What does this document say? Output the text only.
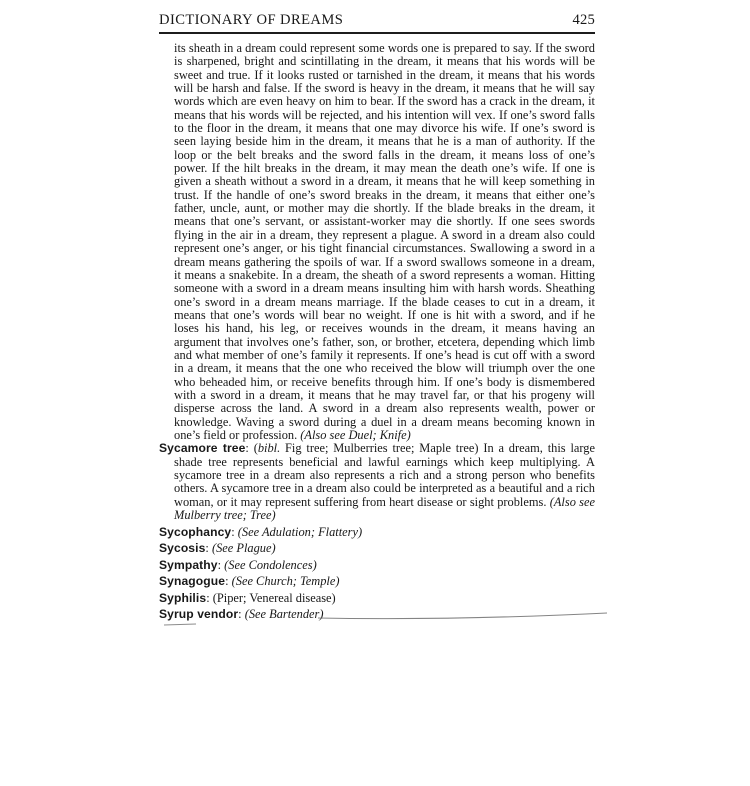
DICTIONARY OF DREAMS	425

its sheath in a dream could represent some words one is prepared to say. If the sword is sharpened, bright and scintillating in the dream, it means that his words will be sweet and true. If it looks rusted or tarnished in the dream, it means that his words will be harsh and false. If the sword is heavy in the dream, it means that he will say words which are even heavy on him to bear. If the sword has a crack in the dream, it means that his words will be rejected, and his intention will vex. If one’s sword falls to the floor in the dream, it means that one may divorce his wife. If one’s sword is seen laying beside him in the dream, it means that he is a man of authority. If the loop or the belt breaks and the sword falls in the dream, it means loss of one’s power. If the hilt breaks in the dream, it may mean the death one’s wife. If one is given a sheath without a sword in a dream, it means that he will keep something in trust. If the handle of one’s sword breaks in the dream, it means that either one’s father, uncle, aunt, or mother may die shortly. If the blade breaks in the dream, it means that one’s servant, or assistant-worker may die shortly. If one sees swords flying in the air in a dream, they represent a plague. A sword in a dream also could represent one’s anger, or his tight financial circumstances. Swallowing a sword in a dream means gathering the spoils of war. If a sword swallows someone in a dream, it means a snakebite. In a dream, the sheath of a sword represents a woman. Hitting someone with a sword in a dream means insulting him with harsh words. Sheathing one’s sword in a dream means marriage. If the blade ceases to cut in a dream, it means that one’s words will bear no weight. If one is hit with a sword, and if he loses his hand, his leg, or receives wounds in the dream, it means having an argument that involves one’s father, son, or brother, etcetera, depending which limb and what member of one’s family it represents. If one’s head is cut off with a sword in a dream, it means that the one who received the blow will triumph over the one who beheaded him, or receive benefits through him. If one’s body is dismembered with a sword in a dream, it means that he may travel far, or that his progeny will disperse across the land. A sword in a dream also represents wealth, power or knowledge. Waving a sword during a duel in a dream means becoming known in one’s field or profession. (Also see Duel; Knife)

Sycamore tree: (bibl. Fig tree; Mulberries tree; Maple tree) In a dream, this large shade tree represents beneficial and lawful earnings which keep multiplying. A sycamore tree in a dream also represents a rich and a strong person who benefits others. A sycamore tree in a dream also could be interpreted as a beautiful and a rich woman, or it may represent suffering from heart disease or sight problems. (Also see Mulberry tree; Tree)

Sycophancy: (See Adulation; Flattery)

Sycosis: (See Plague)

Sympathy: (See Condolences)

Synagogue: (See Church; Temple)

Syphilis: (Piper; Venereal disease)

Syrup vendor: (See Bartender)
